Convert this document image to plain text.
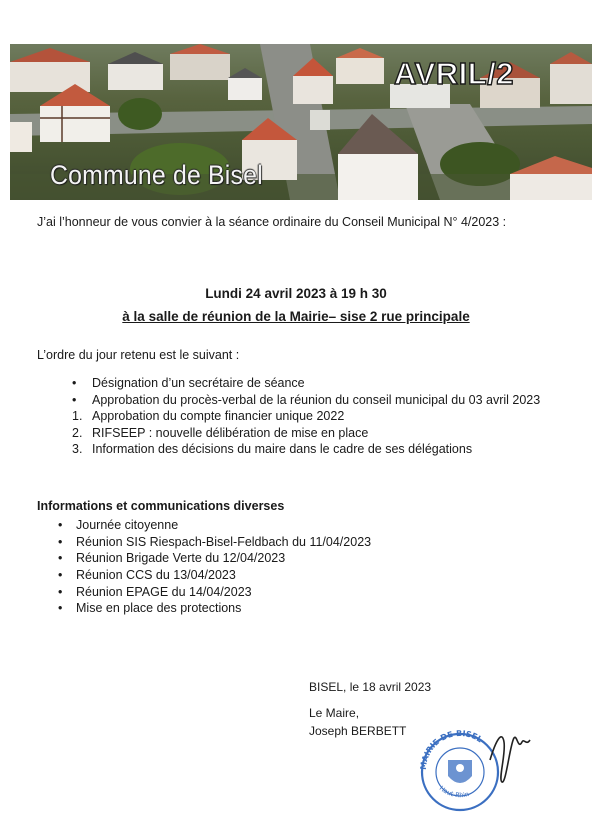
AVRIL/2
Commune de Bisel
J’ai l’honneur de vous convier à la séance ordinaire du Conseil Municipal N° 4/2023 :
Lundi 24 avril 2023 à 19 h 30
à la salle de réunion de la Mairie– sise 2 rue principale
L’ordre du jour retenu est le suivant :
•	Désignation d’un secrétaire de séance
•	Approbation du procès-verbal de la réunion du conseil municipal du 03 avril 2023
1. Approbation du compte financier unique 2022
2. RIFSEEP : nouvelle délibération de mise en place
3. Information des décisions du maire dans le cadre de ses délégations
Informations et communications diverses
• Journée citoyenne
• Réunion SIS Riespach-Bisel-Feldbach du 11/04/2023
• Réunion Brigade Verte du 12/04/2023
• Réunion CCS du 13/04/2023
• Réunion EPAGE du 14/04/2023
• Mise en place des protections
BISEL, le 18 avril 2023
Le Maire,
Joseph BERBETT
MAIRIE DE BISEL
Haut-Rhin
